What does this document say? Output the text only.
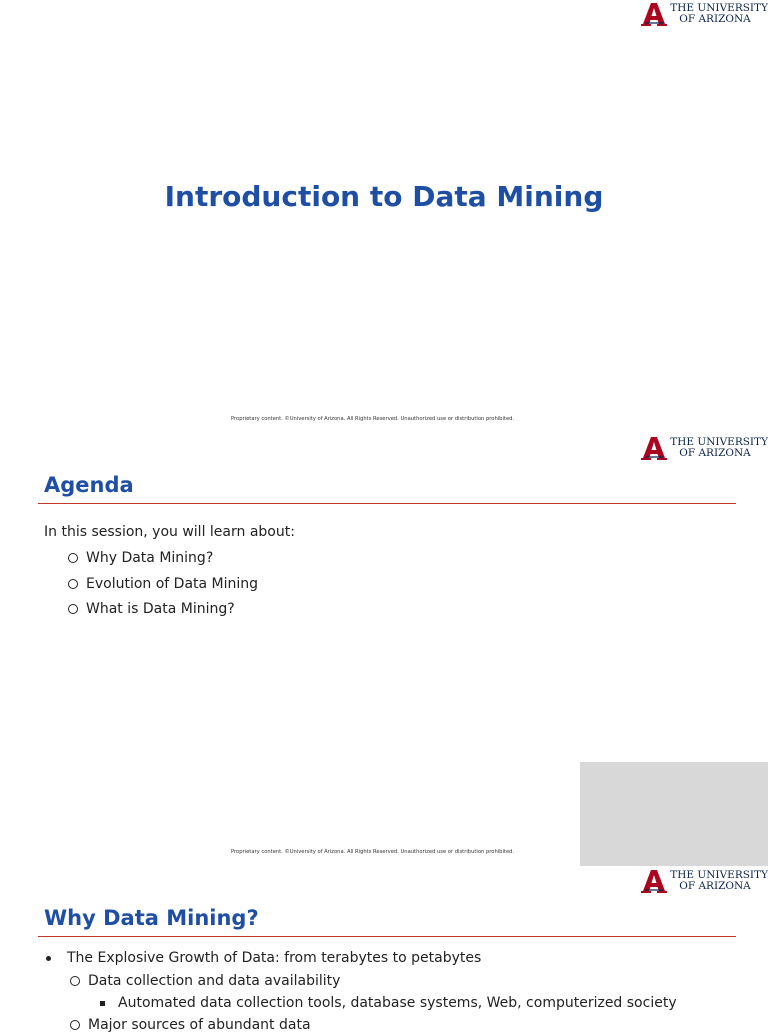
THE UNIVERSITY
OF ARIZONA
Introduction to Data Mining
Proprietary content. ©University of Arizona. All Rights Reserved. Unauthorized use or distribution prohibited.
THE UNIVERSITY
OF ARIZONA
Agenda

In this session, you will learn about:

Why Data Mining?
Evolution of Data Mining
What is Data Mining?
Proprietary content. ©University of Arizona. All Rights Reserved. Unauthorized use or distribution prohibited.
THE UNIVERSITY
OF ARIZONA
Why Data Mining?
The Explosive Growth of Data: from terabytes to petabytes
Data collection and data availability
Automated data collection tools, database systems, Web, computerized society
Major sources of abundant data
